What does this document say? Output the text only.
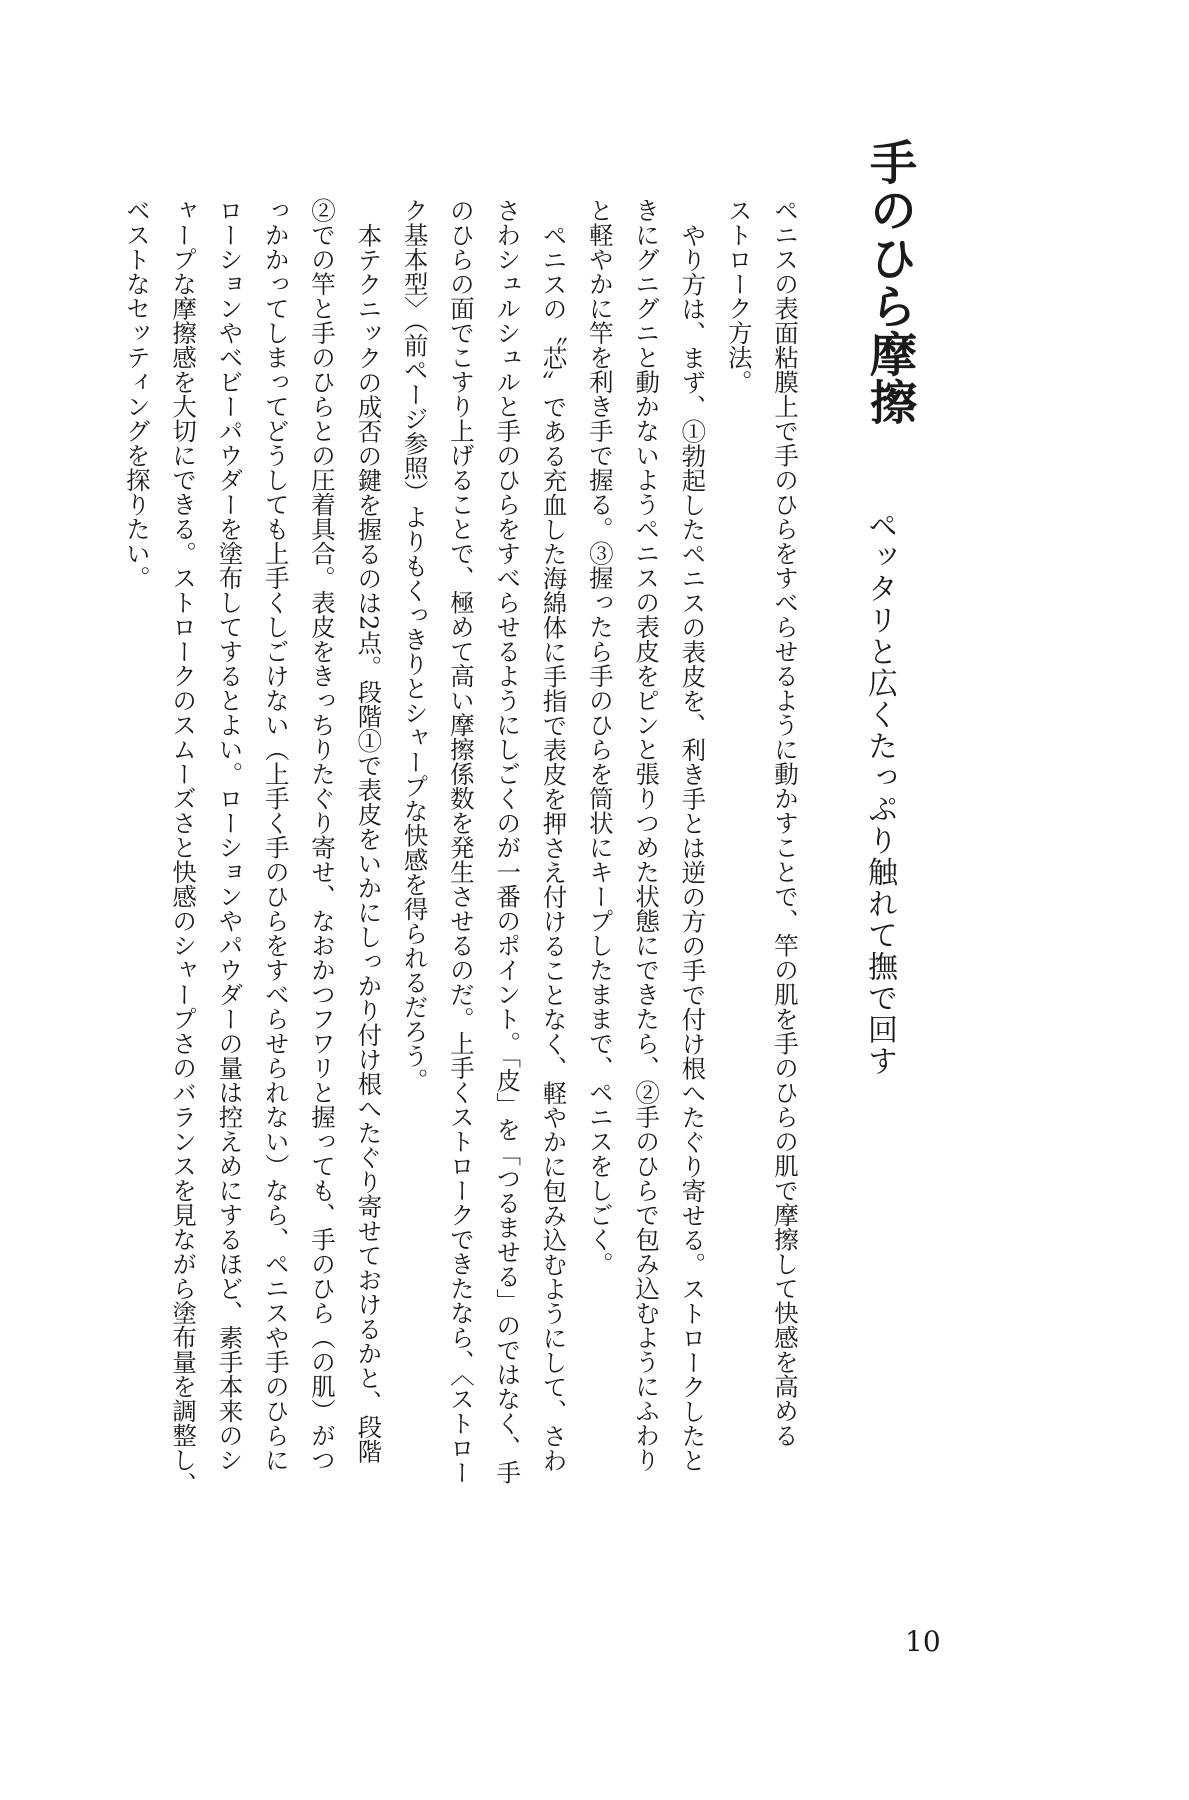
手のひら摩擦
ペッタリと広くたっぷり触れて撫で回す

ペニスの表面粘膜上で手のひらをすべらせるように動かすことで、竿の肌を手のひらの肌で摩擦して快感を高める

ストローク方法。

やり方は、まず、①勃起したペニスの表皮を、利き手とは逆の方の手で付け根へたぐり寄せる。ストロークしたと

きにグニグニと動かないようペニスの表皮をピンと張りつめた状態にできたら、②手のひらで包み込むようにふわり

と軽やかに竿を利き手で握る。③握ったら手のひらを筒状にキープしたままで、ペニスをしごく。

ペニスの〝芯〟である充血した海綿体に手指で表皮を押さえ付けることなく、軽やかに包み込むようにして、さわ

さわシュルシュルと手のひらをすべらせるようにしごくのが一番のポイント。「皮」を「つるませる」のではなく、手

のひらの面でこすり上げることで、極めて高い摩擦係数を発生させるのだ。上手くストロークできたなら、〈ストロー

ク基本型〉（前ページ参照）よりもくっきりとシャープな快感を得られるだろう。

本テクニックの成否の鍵を握るのは2点。段階①で表皮をいかにしっかり付け根へたぐり寄せておけるかと、段階

②での竿と手のひらとの圧着具合。表皮をきっちりたぐり寄せ、なおかつフワリと握っても、手のひら（の肌）がつ

っかかってしまってどうしても上手くしごけない（上手く手のひらをすべらせられない）なら、ペニスや手のひらに

ローションやベビーパウダーを塗布してするとよい。ローションやパウダーの量は控えめにするほど、素手本来のシ

ャープな摩擦感を大切にできる。ストロークのスムーズさと快感のシャープさのバランスを見ながら塗布量を調整し、

ベストなセッティングを探りたい。

10
